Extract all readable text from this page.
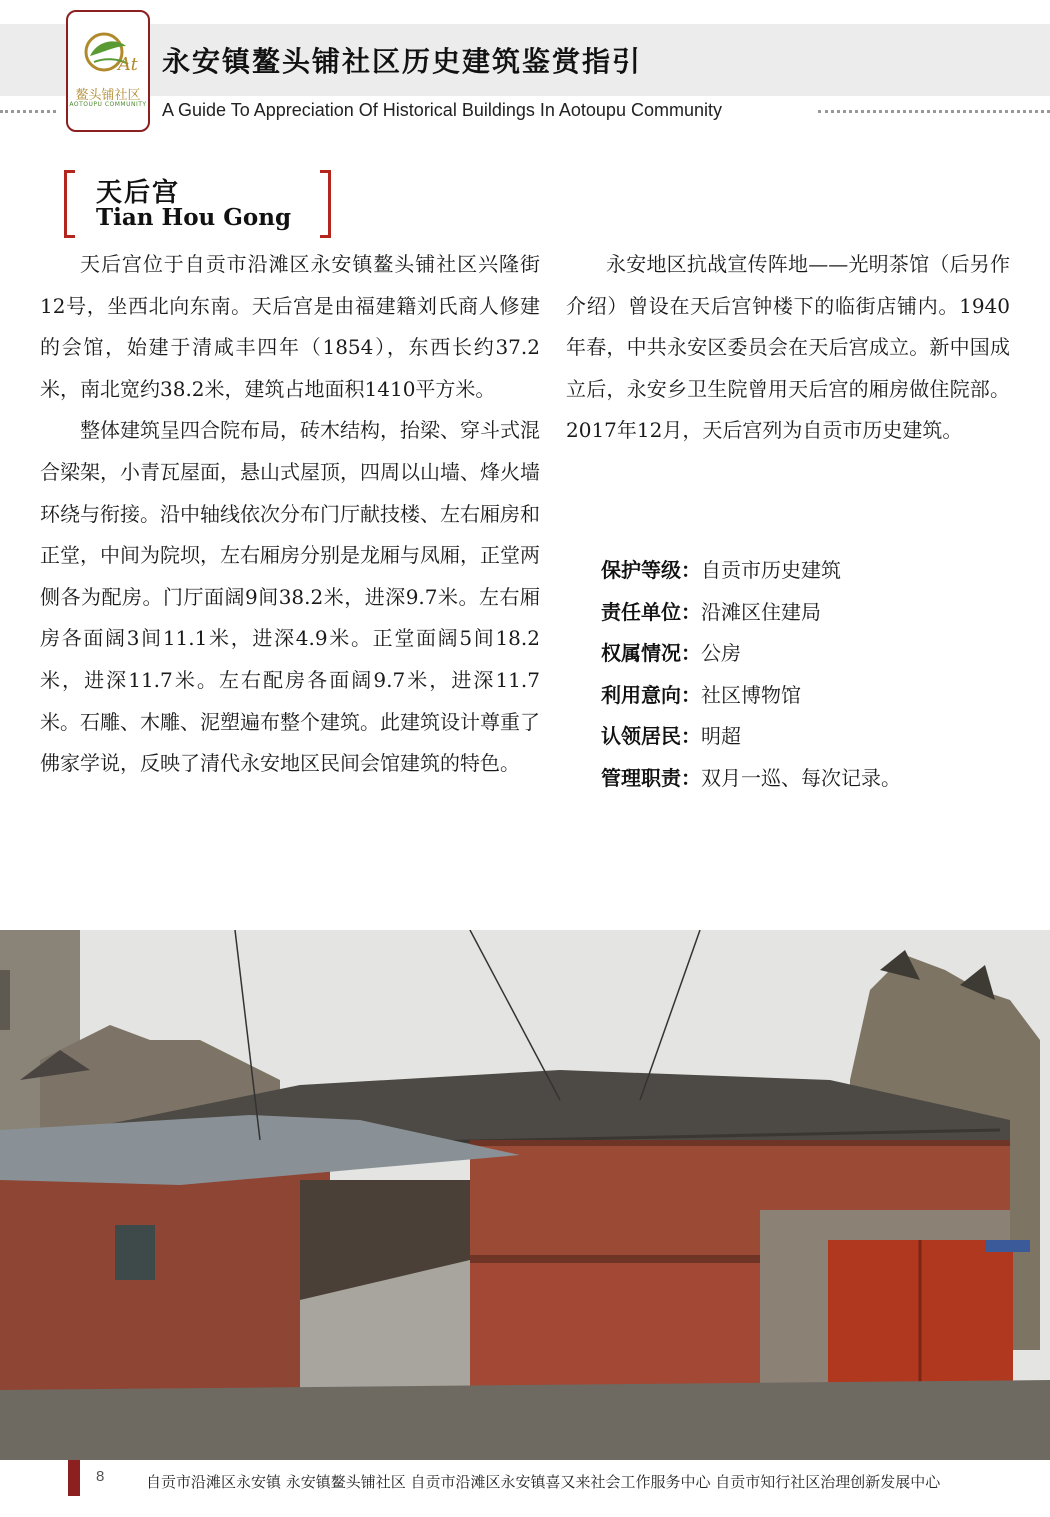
At
鳌头铺社区
AOTOUPU COMMUNITY
永安镇鳌头铺社区历史建筑鉴赏指引
A Guide To Appreciation Of Historical Buildings In Aotoupu Community
天后宫
Tian Hou Gong

天后宫位于自贡市沿滩区永安镇鳌头铺社区兴隆街12号，坐西北向东南。天后宫是由福建籍刘氏商人修建的会馆，始建于清咸丰四年（1854），东西长约37.2米，南北宽约38.2米，建筑占地面积1410平方米。

整体建筑呈四合院布局，砖木结构，抬梁、穿斗式混合梁架，小青瓦屋面，悬山式屋顶，四周以山墙、烽火墙环绕与衔接。沿中轴线依次分布门厅献技楼、左右厢房和正堂，中间为院坝，左右厢房分别是龙厢与凤厢，正堂两侧各为配房。门厅面阔9间38.2米，进深9.7米。左右厢房各面阔3间11.1米，进深4.9米。正堂面阔5间18.2米，进深11.7米。左右配房各面阔9.7米，进深11.7米。石雕、木雕、泥塑遍布整个建筑。此建筑设计尊重了佛家学说，反映了清代永安地区民间会馆建筑的特色。

永安地区抗战宣传阵地——光明茶馆（后另作介绍）曾设在天后宫钟楼下的临街店铺内。1940年春，中共永安区委员会在天后宫成立。新中国成立后，永安乡卫生院曾用天后宫的厢房做住院部。2017年12月，天后宫列为自贡市历史建筑。

保护等级：自贡市历史建筑
责任单位：沿滩区住建局
权属情况：公房
利用意向：社区博物馆
认领居民：明超
管理职责：双月一巡、每次记录。
8	自贡市沿滩区永安镇 永安镇鳌头铺社区 自贡市沿滩区永安镇喜又来社会工作服务中心 自贡市知行社区治理创新发展中心
